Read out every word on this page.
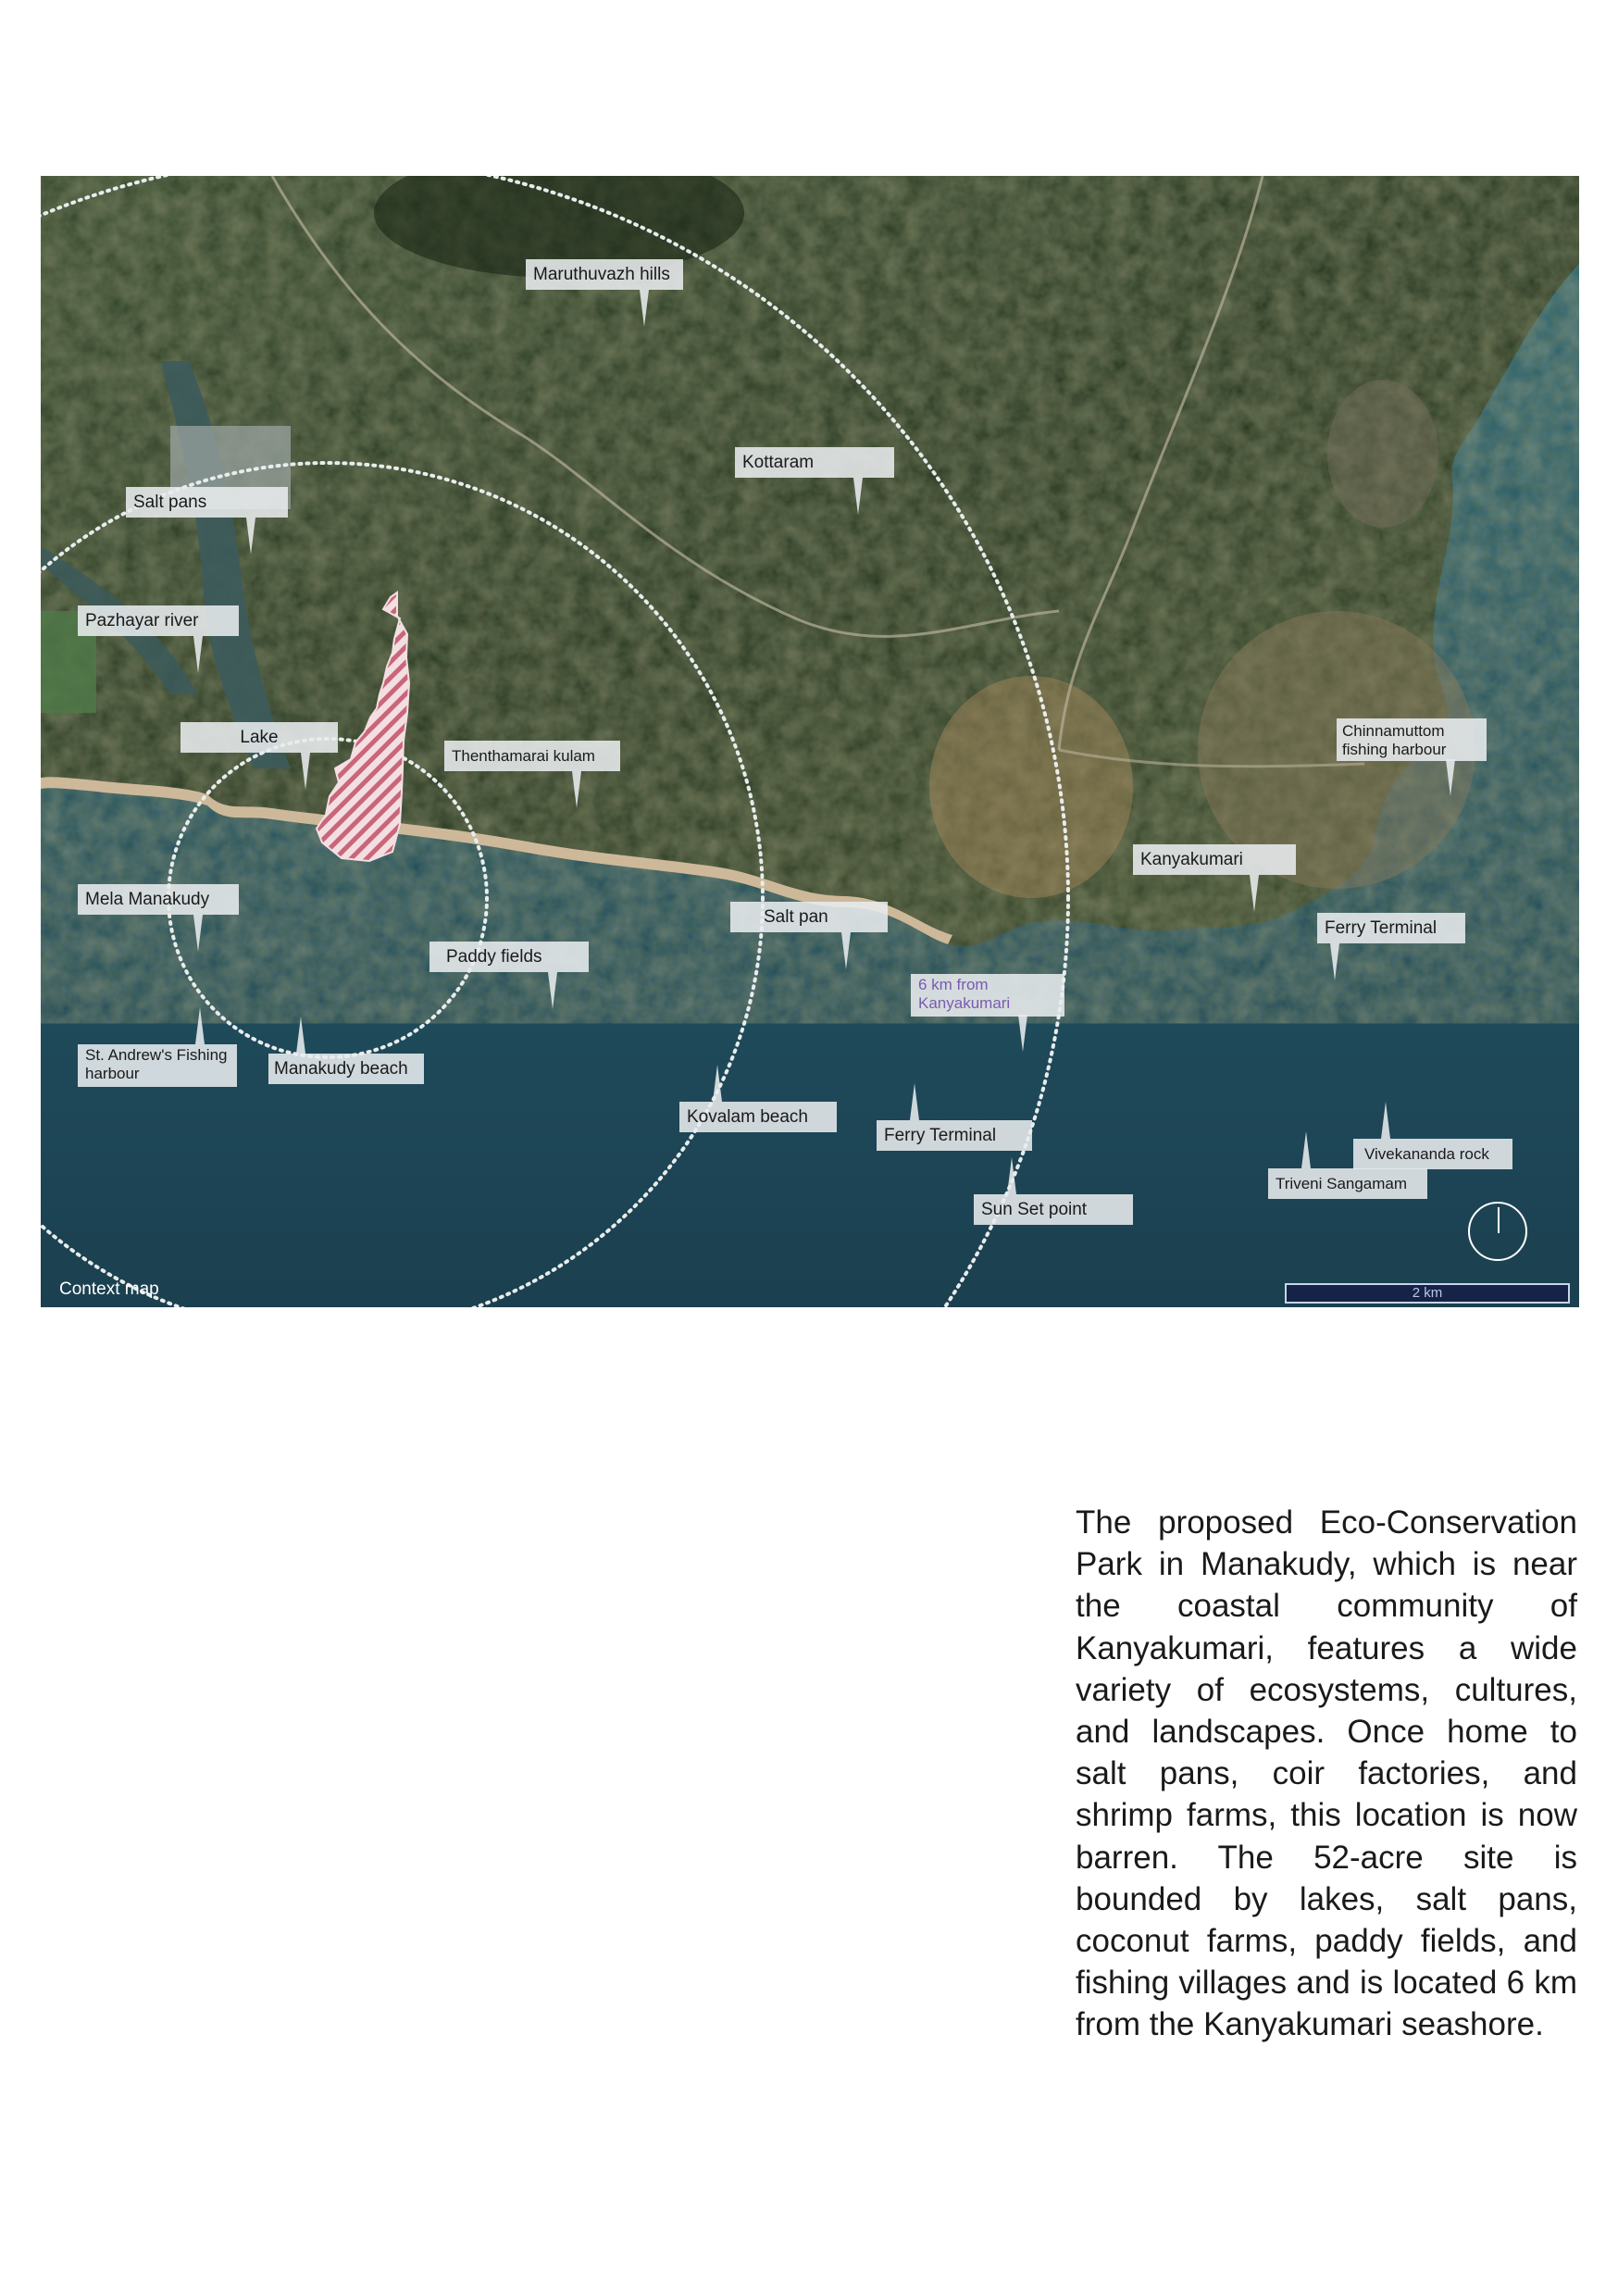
Maruthuvazh hills
Kottaram
Salt pans
Pazhayar river
Lake
Thenthamarai kulam
Chinnamuttom fishing harbour
Kanyakumari
Mela Manakudy
Salt pan
Ferry Terminal
Paddy fields
6 km from Kanyakumari
St. Andrew's Fishing harbour	Manakudy beach
Kovalam beach
Ferry Terminal
Vivekananda rock
Triveni Sangamam
Sun Set point
Context map	2 km

The proposed Eco-Conservation Park in Manakudy, which is near the coastal community of Kanyakumari, features a wide variety of ecosystems, cultures, and landscapes. Once home to salt pans, coir factories, and shrimp farms, this location is now barren. The 52-acre site is bounded by lakes, salt pans, coconut farms, paddy fields, and fishing villages and is located 6 km from the Kanyakumari seashore.
